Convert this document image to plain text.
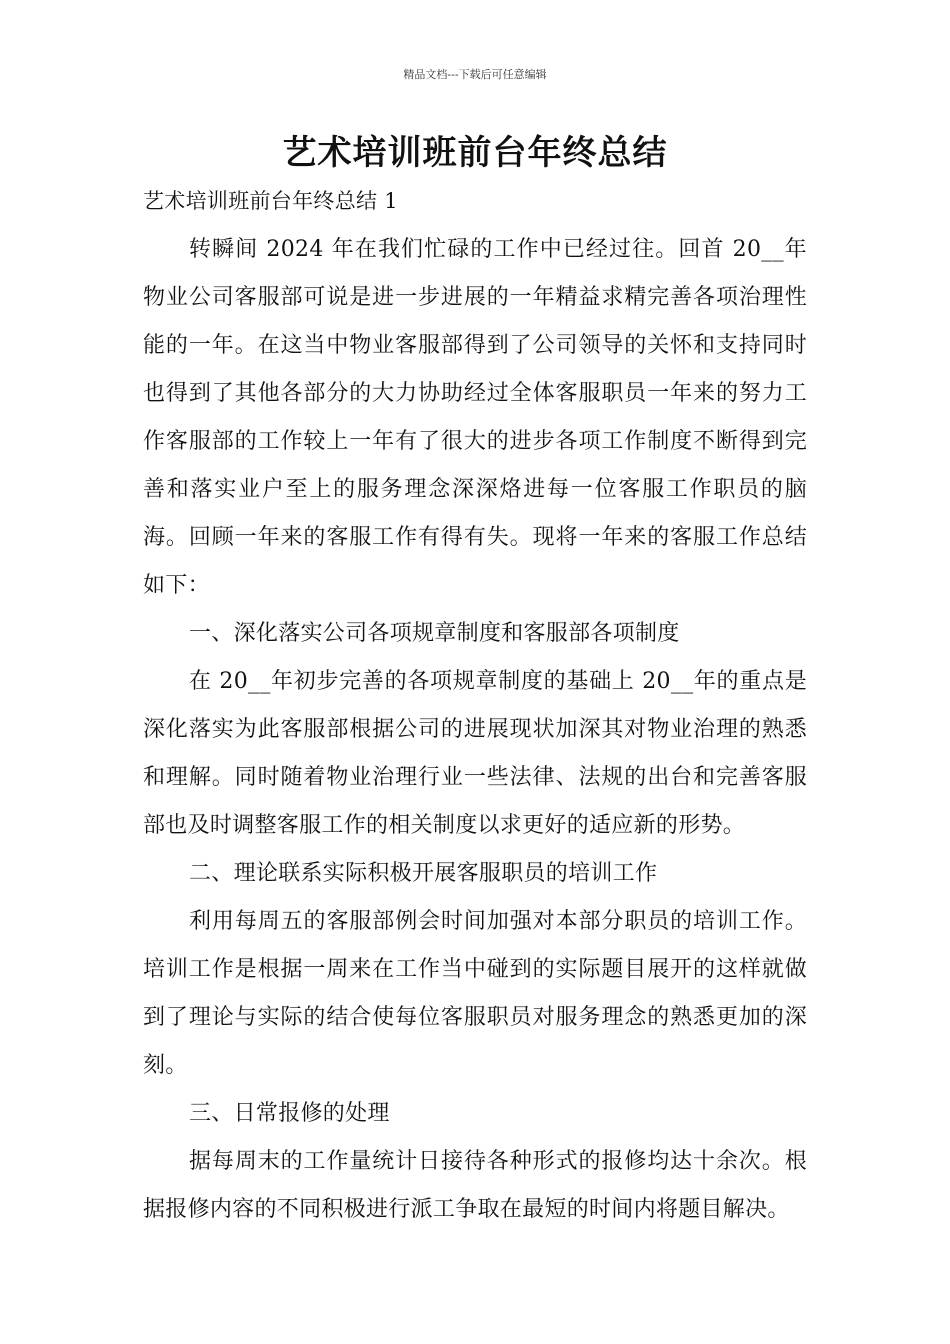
精品文档---下载后可任意编辑
艺术培训班前台年终总结

艺术培训班前台年终总结 1

转瞬间 2024 年在我们忙碌的工作中已经过往。回首 20__年物业公司客服部可说是进一步进展的一年精益求精完善各项治理性能的一年。在这当中物业客服部得到了公司领导的关怀和支持同时也得到了其他各部分的大力协助经过全体客服职员一年来的努力工作客服部的工作较上一年有了很大的进步各项工作制度不断得到完善和落实业户至上的服务理念深深烙进每一位客服工作职员的脑海。回顾一年来的客服工作有得有失。现将一年来的客服工作总结如下：

一、深化落实公司各项规章制度和客服部各项制度

在 20__年初步完善的各项规章制度的基础上 20__年的重点是深化落实为此客服部根据公司的进展现状加深其对物业治理的熟悉和理解。同时随着物业治理行业一些法律、法规的出台和完善客服部也及时调整客服工作的相关制度以求更好的适应新的形势。

二、理论联系实际积极开展客服职员的培训工作

利用每周五的客服部例会时间加强对本部分职员的培训工作。培训工作是根据一周来在工作当中碰到的实际题目展开的这样就做到了理论与实际的结合使每位客服职员对服务理念的熟悉更加的深刻。

三、日常报修的处理

据每周末的工作量统计日接待各种形式的报修均达十余次。根据报修内容的不同积极进行派工争取在最短的时间内将题目解决。
